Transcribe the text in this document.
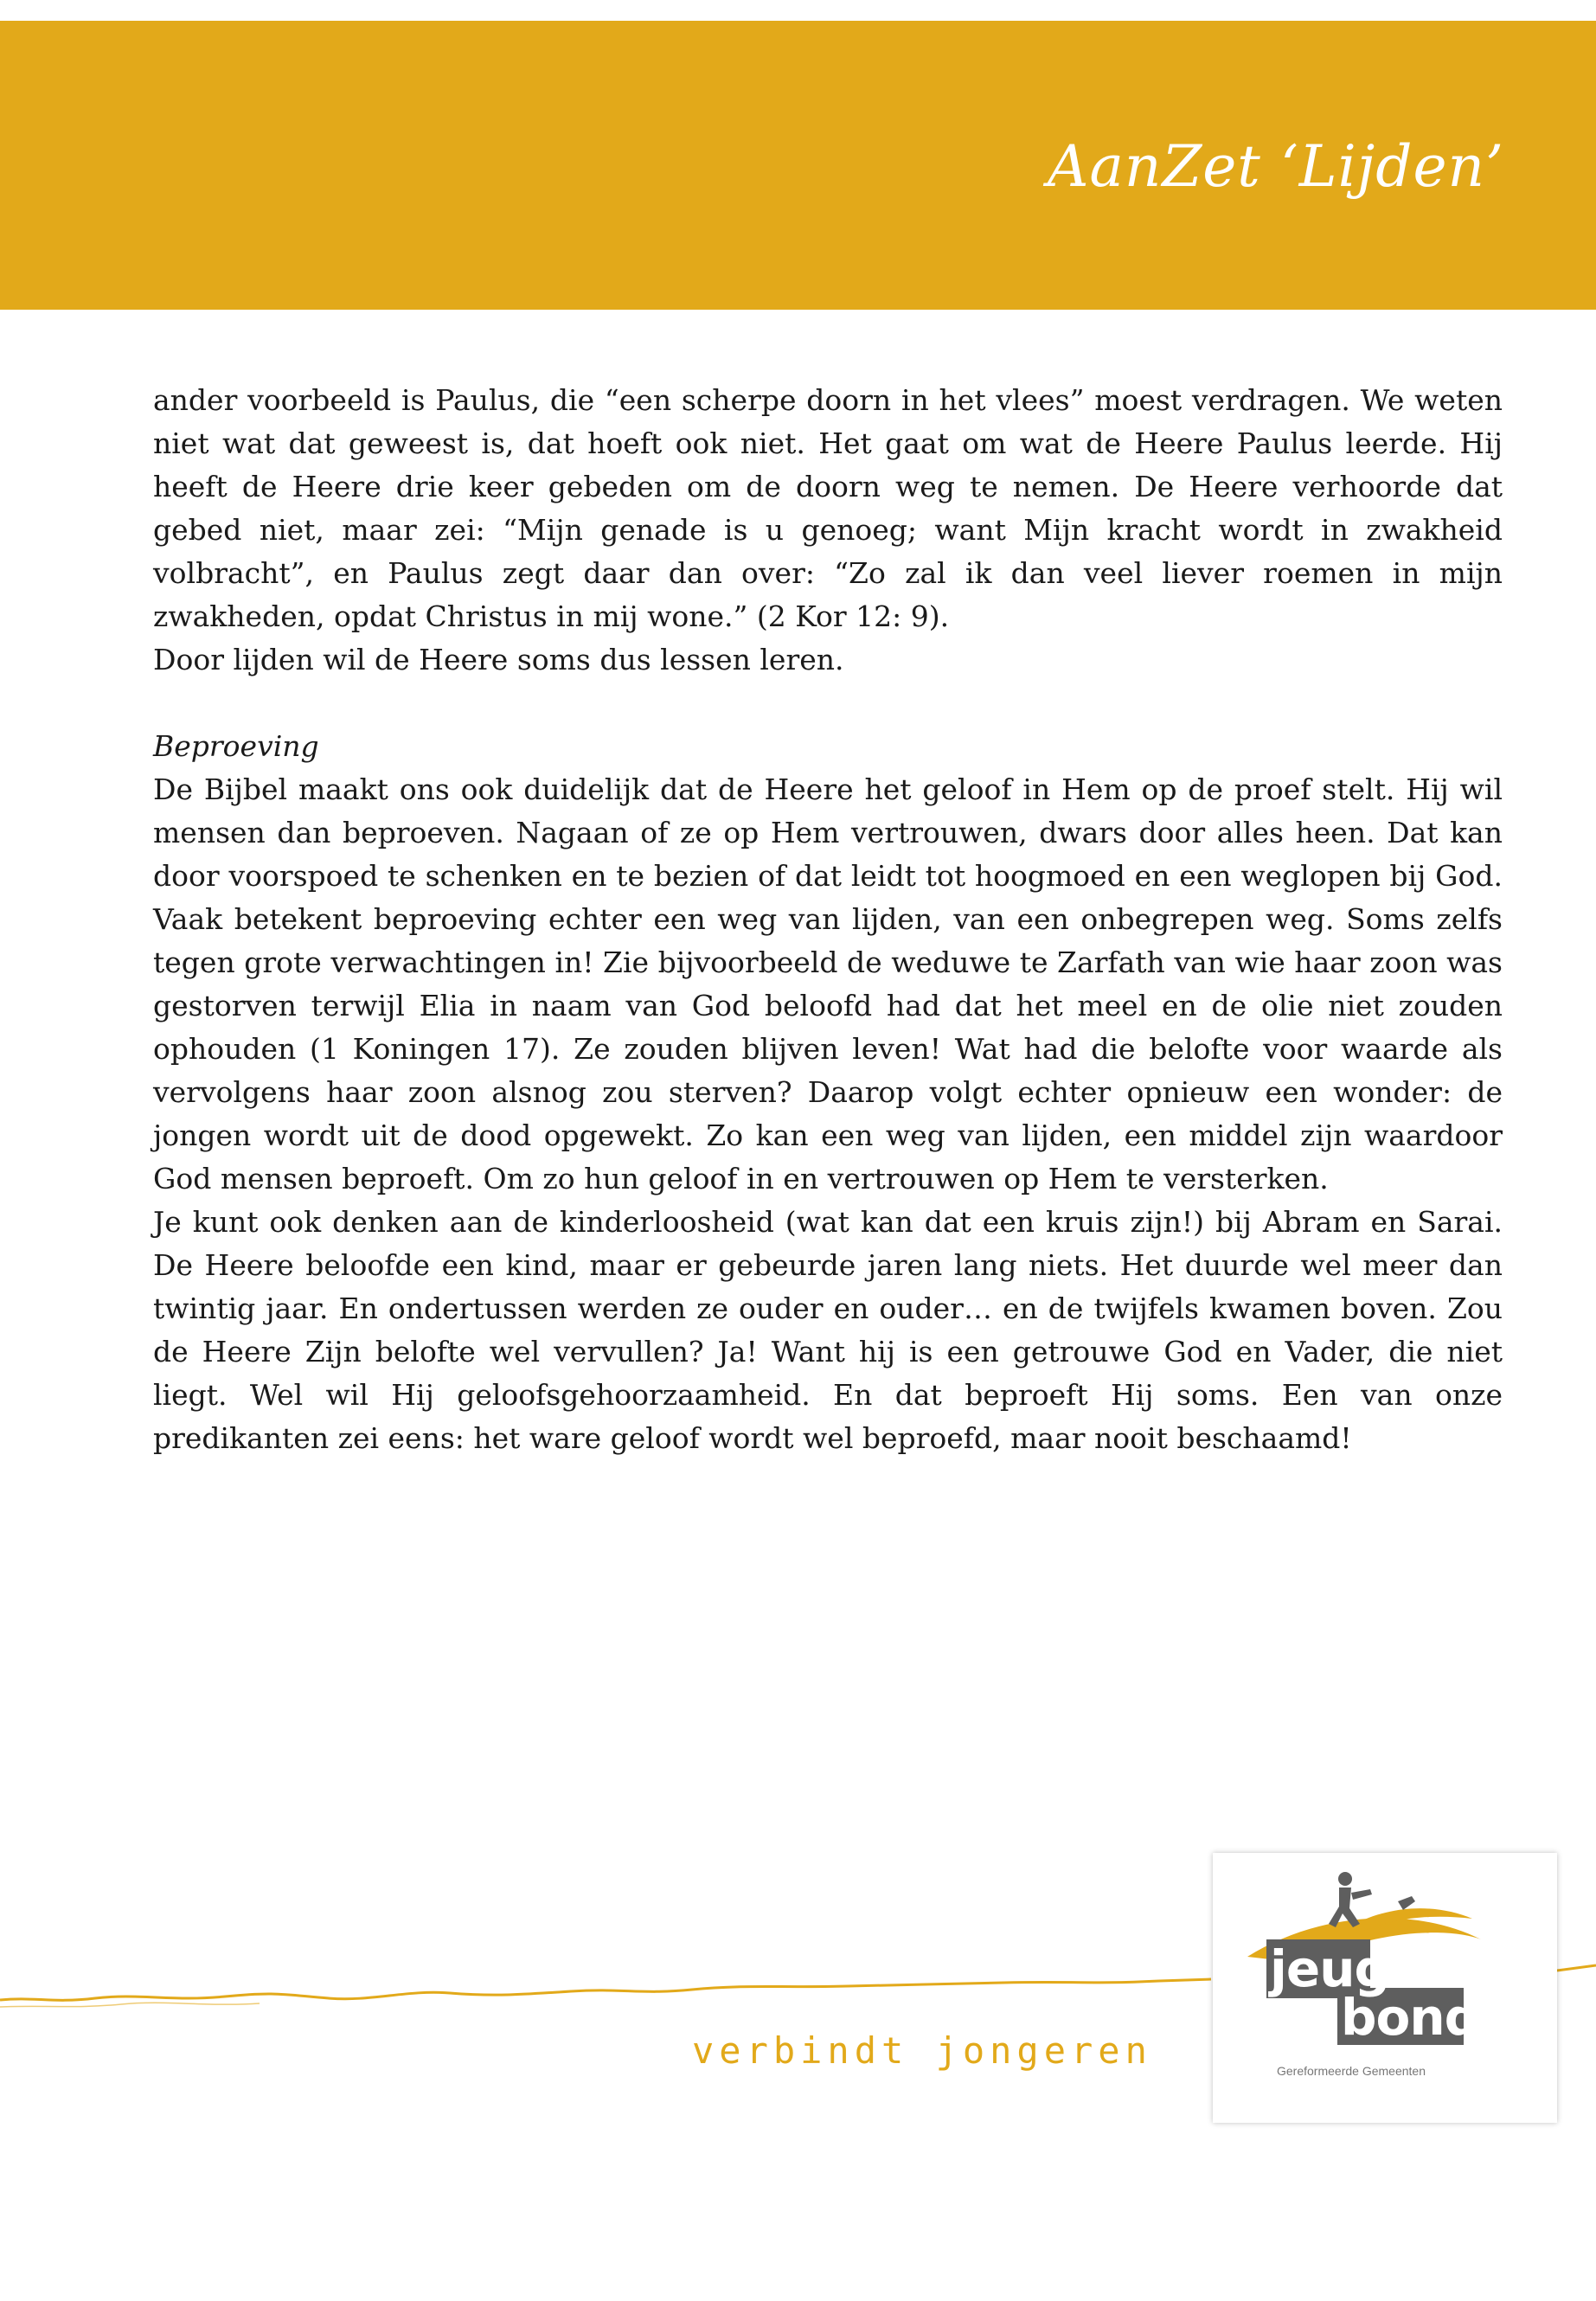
AanZet ‘Lijden’

ander voorbeeld is Paulus, die “een scherpe doorn in het vlees” moest verdragen. We weten niet wat dat geweest is, dat hoeft ook niet. Het gaat om wat de Heere Paulus leerde. Hij heeft de Heere drie keer gebeden om de doorn weg te nemen. De Heere verhoorde dat gebed niet, maar zei: “Mijn genade is u genoeg; want Mijn kracht wordt in zwakheid volbracht”, en Paulus zegt daar dan over: “Zo zal ik dan veel liever roemen in mijn zwakheden, opdat Christus in mij wone.” (2 Kor 12: 9).

Door lijden wil de Heere soms dus lessen leren.

Beproeving

De Bijbel maakt ons ook duidelijk dat de Heere het geloof in Hem op de proef stelt. Hij wil mensen dan beproeven. Nagaan of ze op Hem vertrouwen, dwars door alles heen. Dat kan door voorspoed te schenken en te bezien of dat leidt tot hoogmoed en een weglopen bij God. Vaak betekent beproeving echter een weg van lijden, van een onbegrepen weg. Soms zelfs tegen grote verwachtingen in! Zie bijvoorbeeld de weduwe te Zarfath van wie haar zoon was gestorven terwijl Elia in naam van God beloofd had dat het meel en de olie niet zouden ophouden (1 Koningen 17). Ze zouden blijven leven! Wat had die belofte voor waarde als vervolgens haar zoon alsnog zou sterven? Daarop volgt echter opnieuw een wonder: de jongen wordt uit de dood opgewekt. Zo kan een weg van lijden, een middel zijn waardoor God mensen beproeft. Om zo hun geloof in en vertrouwen op Hem te versterken.

Je kunt ook denken aan de kinderloosheid (wat kan dat een kruis zijn!) bij Abram en Sarai. De Heere beloofde een kind, maar er gebeurde jaren lang niets. Het duurde wel meer dan twintig jaar. En ondertussen werden ze ouder en ouder… en de twijfels kwamen boven. Zou de Heere Zijn belofte wel vervullen? Ja! Want hij is een getrouwe God en Vader, die niet liegt. Wel wil Hij geloofsgehoorzaamheid. En dat beproeft Hij soms. Een van onze predikanten zei eens: het ware geloof wordt wel beproefd, maar nooit beschaamd!

verbindt jongeren
jeugd
bond
Gereformeerde Gemeenten
